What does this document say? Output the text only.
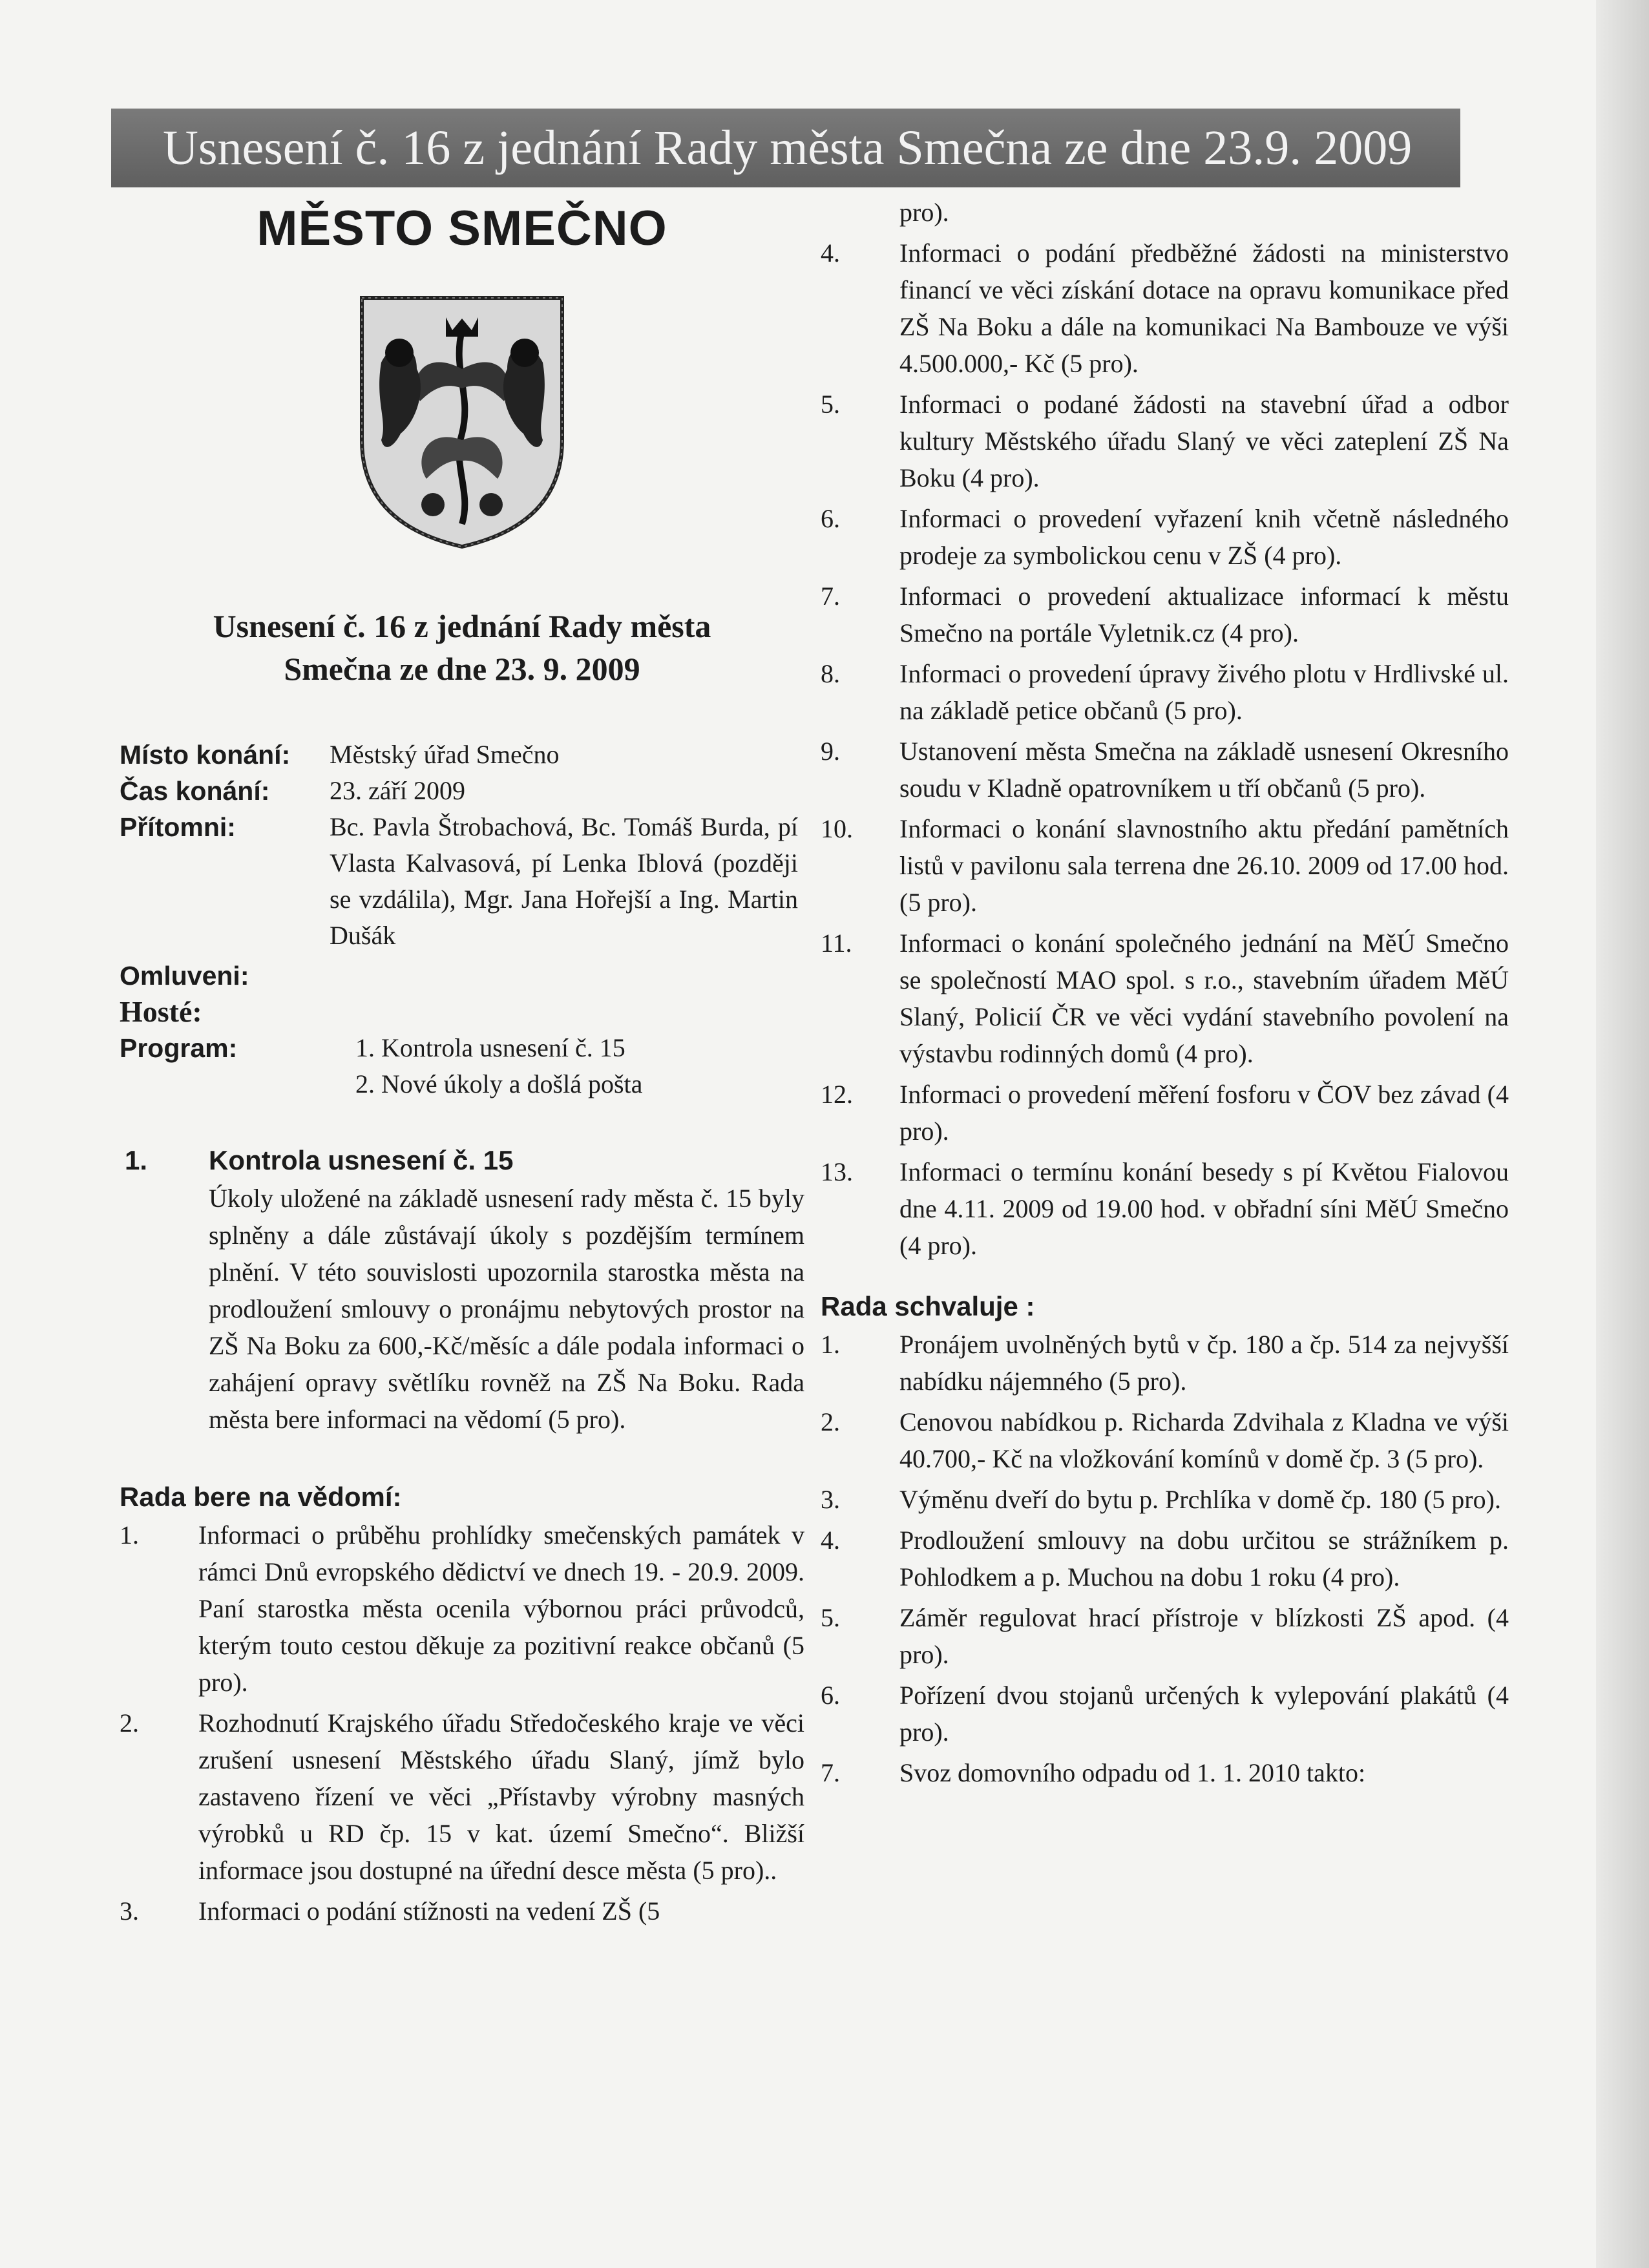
Usnesení č. 16 z jednání Rady města Smečna ze dne 23.9. 2009
MĚSTO SMEČNO
Usnesení č. 16 z jednání Rady města
Smečna ze dne 23. 9. 2009
Místo konání:	Městský úřad Smečno
Čas konání:	23. září 2009
Přítomni:	Bc. Pavla Štrobachová, Bc. Tomáš Burda, pí Vlasta Kalvasová, pí Lenka Iblová (později se vzdálila), Mgr. Jana Hořejší a Ing. Martin Dušák
Omluveni:
Hosté:
Program:	1. Kontrola usnesení č. 15
2. Nové úkoly a došlá pošta
1.	Kontrola usnesení č. 15
Úkoly uložené na základě usnesení rady města č. 15 byly splněny a dále zůstávají úkoly s pozdějším termínem plnění. V této souvislosti upozornila starostka města na prodloužení smlouvy o pronájmu nebytových prostor na ZŠ Na Boku za 600,-Kč/měsíc a dále podala informaci o zahájení opravy světlíku rovněž na ZŠ Na Boku. Rada města bere informaci na vědomí (5 pro).
Rada bere na vědomí:
1.	Informaci o průběhu prohlídky smečenských památek v rámci Dnů evropského dědictví ve dnech 19. - 20.9. 2009. Paní starostka města ocenila výbornou práci průvodců, kterým touto cestou děkuje za pozitivní reakce občanů (5 pro).
2.	Rozhodnutí Krajského úřadu Středočeského kraje ve věci zrušení usnesení Městského úřadu Slaný, jímž bylo zastaveno řízení ve věci „Přístavby výrobny masných výrobků u RD čp. 15 v kat. území Smečno“. Bližší informace jsou dostupné na úřední desce města (5 pro)..
3.	Informaci o podání stížnosti na vedení ZŠ (5
pro).
4.	Informaci o podání předběžné žádosti na ministerstvo financí ve věci získání dotace na opravu komunikace před ZŠ Na Boku a dále na komunikaci Na Bambouze ve výši 4.500.000,- Kč (5 pro).
5.	Informaci o podané žádosti na stavební úřad a odbor kultury Městského úřadu Slaný ve věci zateplení ZŠ Na Boku (4 pro).
6.	Informaci o provedení vyřazení knih včetně následného prodeje za symbolickou cenu v ZŠ (4 pro).
7.	Informaci o provedení aktualizace informací k městu Smečno na portále Vyletnik.cz (4 pro).
8.	Informaci o provedení úpravy živého plotu v Hrdlivské ul. na základě petice občanů (5 pro).
9.	Ustanovení města Smečna na základě usnesení Okresního soudu v Kladně opatrovníkem u tří občanů (5 pro).
10.	Informaci o konání slavnostního aktu předání pamětních listů v pavilonu sala terrena dne 26.10. 2009 od 17.00 hod. (5 pro).
11.	Informaci o konání společného jednání na MěÚ Smečno se společností MAO spol. s r.o., stavebním úřadem MěÚ Slaný, Policií ČR ve věci vydání stavebního povolení na výstavbu rodinných domů (4 pro).
12.	Informaci o provedení měření fosforu v ČOV bez závad (4 pro).
13.	Informaci o termínu konání besedy s pí Květou Fialovou dne 4.11. 2009 od 19.00 hod. v obřadní síni MěÚ Smečno (4 pro).
Rada schvaluje :
1.	Pronájem uvolněných bytů v čp. 180 a čp. 514 za nejvyšší nabídku nájemného (5 pro).
2.	Cenovou nabídkou p. Richarda Zdvihala z Kladna ve výši 40.700,- Kč na vložkování komínů v domě čp. 3 (5 pro).
3.	Výměnu dveří do bytu p. Prchlíka v domě čp. 180 (5 pro).
4.	Prodloužení smlouvy na dobu určitou se strážníkem p. Pohlodkem a p. Muchou na dobu 1 roku (4 pro).
5.	Záměr regulovat hrací přístroje v blízkosti ZŠ apod. (4 pro).
6.	Pořízení dvou stojanů určených k vylepování plakátů (4 pro).
7.	Svoz domovního odpadu od 1. 1. 2010 takto:
